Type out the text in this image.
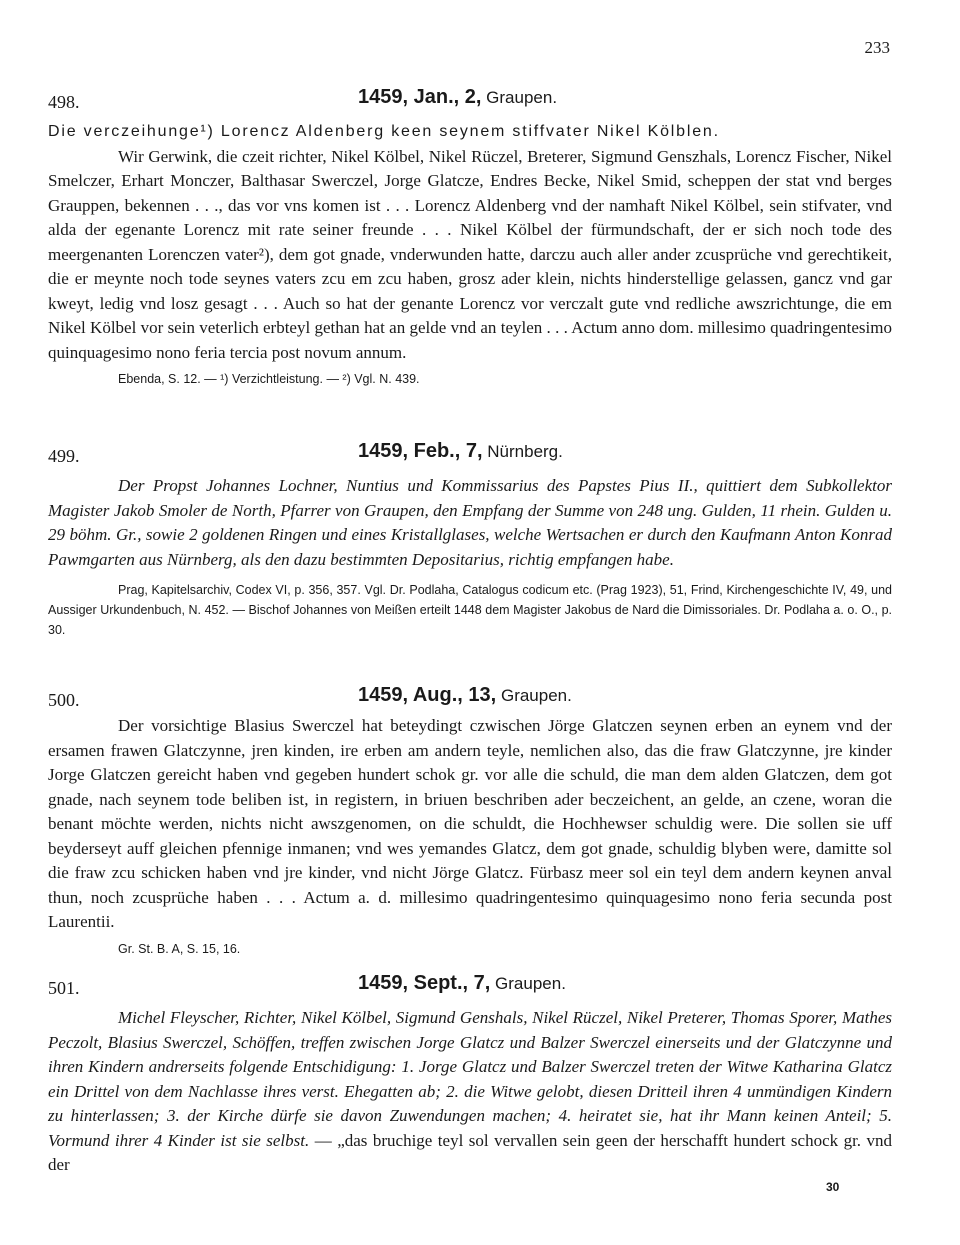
233
498.	1459, Jan., 2, Graupen.

Die verczeihunge¹) Lorencz Aldenberg keen seynem stiffvater Nikel Kölblen.

Wir Gerwink, die czeit richter, Nikel Kölbel, Nikel Rüczel, Breterer, Sigmund Genszhals, Lorencz Fischer, Nikel Smelczer, Erhart Monczer, Balthasar Swerczel, Jorge Glatcze, Endres Becke, Nikel Smid, scheppen der stat vnd berges Grauppen, bekennen . . ., das vor vns komen ist . . . Lorencz Aldenberg vnd der namhaft Nikel Kölbel, sein stifvater, vnd alda der egenante Lorencz mit rate seiner freunde . . . Nikel Kölbel der fürmundschaft, der er sich noch tode des meergenanten Lorenczen vater²), dem got gnade, vnderwunden hatte, darczu auch aller ander zcusprüche vnd gerechtikeit, die er meynte noch tode seynes vaters zcu em zcu haben, grosz ader klein, nichts hinderstellige gelassen, gancz vnd gar kweyt, ledig vnd losz gesagt . . . Auch so hat der genante Lorencz vor verczalt gute vnd redliche awszrichtunge, die em Nikel Kölbel vor sein veterlich erbteyl gethan hat an gelde vnd an teylen . . . Actum anno dom. millesimo quadringentesimo quinquagesimo nono feria tercia post novum annum.

Ebenda, S. 12. — ¹) Verzichtleistung. — ²) Vgl. N. 439.

499.	1459, Feb., 7, Nürnberg.

Der Propst Johannes Lochner, Nuntius und Kommissarius des Papstes Pius II., quittiert dem Subkollektor Magister Jakob Smoler de North, Pfarrer von Graupen, den Empfang der Summe von 248 ung. Gulden, 11 rhein. Gulden u. 29 böhm. Gr., sowie 2 goldenen Ringen und eines Kristallglases, welche Wertsachen er durch den Kaufmann Anton Konrad Pawmgarten aus Nürnberg, als den dazu bestimmten Depositarius, richtig empfangen habe.

Prag, Kapitelsarchiv, Codex VI, p. 356, 357. Vgl. Dr. Podlaha, Catalogus codicum etc. (Prag 1923), 51, Frind, Kirchengeschichte IV, 49, und Aussiger Urkundenbuch, N. 452. — Bischof Johannes von Meißen erteilt 1448 dem Magister Jakobus de Nard die Dimissoriales. Dr. Podlaha a. o. O., p. 30.

500.	1459, Aug., 13, Graupen.

Der vorsichtige Blasius Swerczel hat beteydingt czwischen Jörge Glatczen seynen erben an eynem vnd der ersamen frawen Glatczynne, jren kinden, ire erben am andern teyle, nemlichen also, das die fraw Glatczynne, jre kinder Jorge Glatczen gereicht haben vnd gegeben hundert schok gr. vor alle die schuld, die man dem alden Glatczen, dem got gnade, nach seynem tode beliben ist, in registern, in briuen beschriben ader beczeichent, an gelde, an czene, woran die benant möchte werden, nichts nicht awszgenomen, on die schuldt, die Hochhewser schuldig were. Die sollen sie uff beyderseyt auff gleichen pfennige inmanen; vnd wes yemandes Glatcz, dem got gnade, schuldig blyben were, damitte sol die fraw zcu schicken haben vnd jre kinder, vnd nicht Jörge Glatcz. Fürbasz meer sol ein teyl dem andern keynen anval thun, noch zcusprüche haben . . . Actum a. d. millesimo quadringentesimo quinquagesimo nono feria secunda post Laurentii.

Gr. St. B. A, S. 15, 16.

501.	1459, Sept., 7, Graupen.

Michel Fleyscher, Richter, Nikel Kölbel, Sigmund Genshals, Nikel Rüczel, Nikel Preterer, Thomas Sporer, Mathes Peczolt, Blasius Swerczel, Schöffen, treffen zwischen Jorge Glatcz und Balzer Swerczel einerseits und der Glatczynne und ihren Kindern andrerseits folgende Entschidigung: 1. Jorge Glatcz und Balzer Swerczel treten der Witwe Katharina Glatcz ein Drittel von dem Nachlasse ihres verst. Ehegatten ab; 2. die Witwe gelobt, diesen Dritteil ihren 4 unmündigen Kindern zu hinterlassen; 3. der Kirche dürfe sie davon Zuwendungen machen; 4. heiratet sie, hat ihr Mann keinen Anteil; 5. Vormund ihrer 4 Kinder ist sie selbst. — „das bruchige teyl sol vervallen sein geen der herschafft hundert schock gr. vnd der

30
